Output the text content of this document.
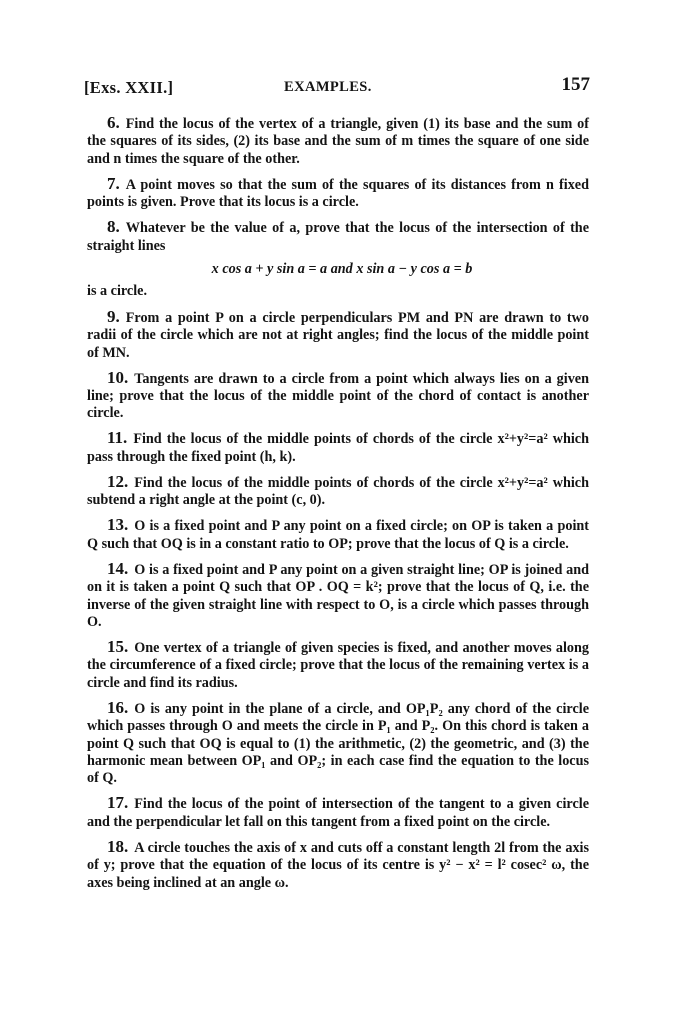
[Exs. XXII.]	EXAMPLES.	157

6. Find the locus of the vertex of a triangle, given (1) its base and the sum of the squares of its sides, (2) its base and the sum of m times the square of one side and n times the square of the other.

7. A point moves so that the sum of the squares of its distances from n fixed points is given. Prove that its locus is a circle.

8. Whatever be the value of a, prove that the locus of the intersection of the straight lines

x cos a + y sin a = a and x sin a − y cos a = b

is a circle.

9. From a point P on a circle perpendiculars PM and PN are drawn to two radii of the circle which are not at right angles; find the locus of the middle point of MN.

10. Tangents are drawn to a circle from a point which always lies on a given line; prove that the locus of the middle point of the chord of contact is another circle.

11. Find the locus of the middle points of chords of the circle x²+y²=a² which pass through the fixed point (h, k).

12. Find the locus of the middle points of chords of the circle x²+y²=a² which subtend a right angle at the point (c, 0).

13. O is a fixed point and P any point on a fixed circle; on OP is taken a point Q such that OQ is in a constant ratio to OP; prove that the locus of Q is a circle.

14. O is a fixed point and P any point on a given straight line; OP is joined and on it is taken a point Q such that OP . OQ = k²; prove that the locus of Q, i.e. the inverse of the given straight line with respect to O, is a circle which passes through O.

15. One vertex of a triangle of given species is fixed, and another moves along the circumference of a fixed circle; prove that the locus of the remaining vertex is a circle and find its radius.

16. O is any point in the plane of a circle, and OP₁P₂ any chord of the circle which passes through O and meets the circle in P₁ and P₂. On this chord is taken a point Q such that OQ is equal to (1) the arithmetic, (2) the geometric, and (3) the harmonic mean between OP₁ and OP₂; in each case find the equation to the locus of Q.

17. Find the locus of the point of intersection of the tangent to a given circle and the perpendicular let fall on this tangent from a fixed point on the circle.

18. A circle touches the axis of x and cuts off a constant length 2l from the axis of y; prove that the equation of the locus of its centre is y² − x² = l² cosec² ω, the axes being inclined at an angle ω.
